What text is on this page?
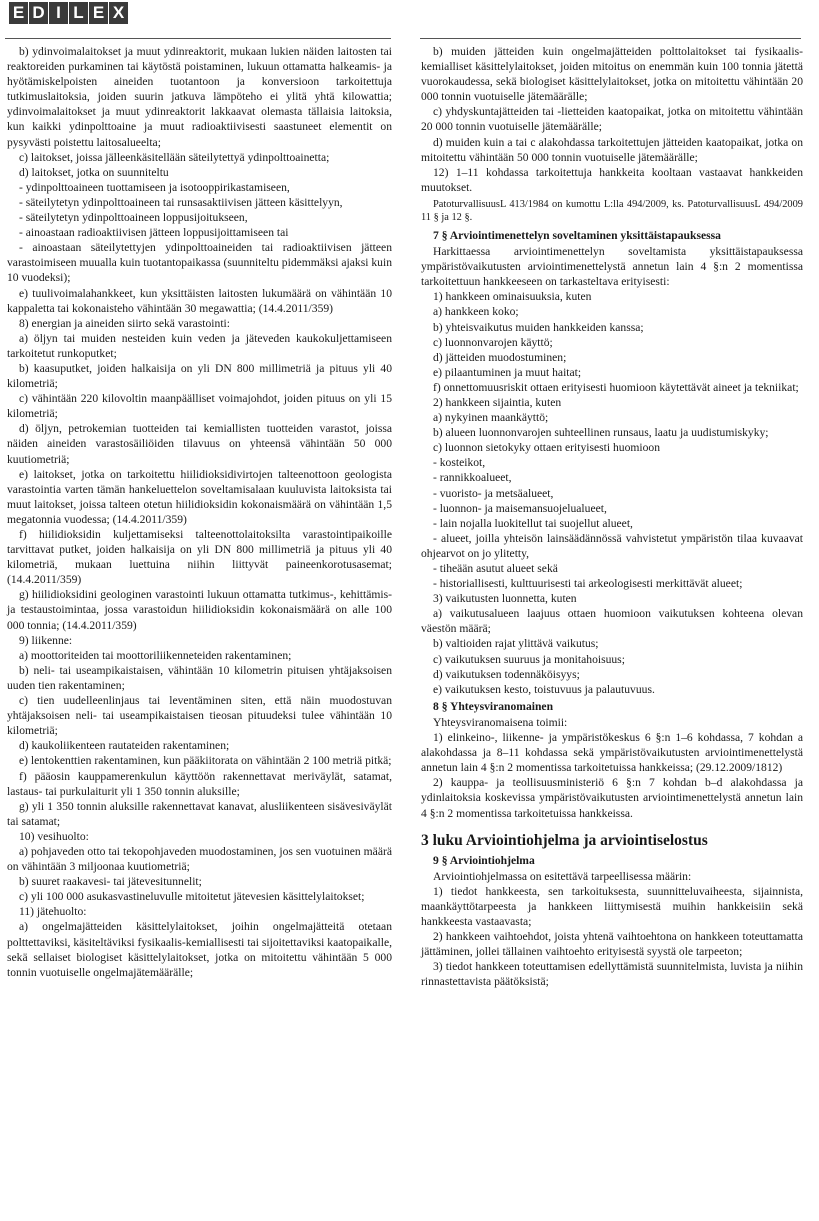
E D I L E X

b) ydinvoimalaitokset ja muut ydinreaktorit, mukaan lukien näiden laitosten tai reaktoreiden purkaminen tai käytöstä poistaminen, lukuun ottamatta halkeamis- ja hyötämiskelpoisten aineiden tuotantoon ja konversioon tarkoitettuja tutkimuslaitoksia, joiden suurin jatkuva lämpöteho ei ylitä yhtä kilowattia; ydinvoimalaitokset ja muut ydinreaktorit lakkaavat olemasta tällaisia laitoksia, kun kaikki ydinpolttoaine ja muut radioaktiivisesti saastuneet elementit on pysyvästi poistettu laitosalueelta;

c) laitokset, joissa jälleenkäsitellään säteilytettyä ydinpolttoainetta;

d) laitokset, jotka on suunniteltu

- ydinpolttoaineen tuottamiseen ja isotooppirikastamiseen,

- säteilytetyn ydinpolttoaineen tai runsasaktiivisen jätteen käsittelyyn,

- säteilytetyn ydinpolttoaineen loppusijoitukseen,

- ainoastaan radioaktiivisen jätteen loppusijoittamiseen tai

- ainoastaan säteilytettyjen ydinpolttoaineiden tai radioaktiivisen jätteen varastoimiseen muualla kuin tuotantopaikassa (suunniteltu pidemmäksi ajaksi kuin 10 vuodeksi);

e) tuulivoimalahankkeet, kun yksittäisten laitosten lukumäärä on vähintään 10 kappaletta tai kokonaisteho vähintään 30 megawattia; (14.4.2011/359)

8) energian ja aineiden siirto sekä varastointi:

a) öljyn tai muiden nesteiden kuin veden ja jäteveden kaukokuljettamiseen tarkoitetut runkoputket;

b) kaasuputket, joiden halkaisija on yli DN 800 millimetriä ja pituus yli 40 kilometriä;

c) vähintään 220 kilovoltin maanpäälliset voimajohdot, joiden pituus on yli 15 kilometriä;

d) öljyn, petrokemian tuotteiden tai kemiallisten tuotteiden varastot, joissa näiden aineiden varastosäiliöiden tilavuus on yhteensä vähintään 50 000 kuutiometriä;

e) laitokset, jotka on tarkoitettu hiilidioksidivirtojen talteenottoon geologista varastointia varten tämän hankeluettelon soveltamisalaan kuuluvista laitoksista tai muut laitokset, joissa talteen otetun hiilidioksidin kokonaismäärä on vähintään 1,5 megatonnia vuodessa; (14.4.2011/359)

f) hiilidioksidin kuljettamiseksi talteenottolaitoksilta varastointipaikoille tarvittavat putket, joiden halkaisija on yli DN 800 millimetriä ja pituus yli 40 kilometriä, mukaan luettuina niihin liittyvät paineenkorotusasemat; (14.4.2011/359)

g) hiilidioksidini geologinen varastointi lukuun ottamatta tutkimus-, kehittämis- ja testaustoimintaa, jossa varastoidun hiilidioksidin kokonaismäärä on alle 100 000 tonnia; (14.4.2011/359)

9) liikenne:

a) moottoriteiden tai moottoriliikenneteiden rakentaminen;

b) neli- tai useampikaistaisen, vähintään 10 kilometrin pituisen yhtäjaksoisen uuden tien rakentaminen;

c) tien uudelleenlinjaus tai leventäminen siten, että näin muodostuvan yhtäjaksoisen neli- tai useampikaistaisen tieosan pituudeksi tulee vähintään 10 kilometriä;

d) kaukoliikenteen rautateiden rakentaminen;

e) lentokenttien rakentaminen, kun pääkiitorata on vähintään 2 100 metriä pitkä;

f) pääosin kauppamerenkulun käyttöön rakennettavat meriväylät, satamat, lastaus- tai purkulaiturit yli 1 350 tonnin aluksille;

g) yli 1 350 tonnin aluksille rakennettavat kanavat, alusliikenteen sisävesiväylät tai satamat;

10) vesihuolto:

a) pohjaveden otto tai tekopohjaveden muodostaminen, jos sen vuotuinen määrä on vähintään 3 miljoonaa kuutiometriä;

b) suuret raakavesi- tai jätevesitunnelit;

c) yli 100 000 asukasvastineluvulle mitoitetut jätevesien käsittelylaitokset;

11) jätehuolto:

a) ongelmajätteiden käsittelylaitokset, joihin ongelmajätteitä otetaan polttettaviksi, käsiteltäviksi fysikaalis-kemiallisesti tai sijoitettaviksi kaatopaikalle, sekä sellaiset biologiset käsittelylaitokset, jotka on mitoitettu vähintään 5 000 tonnin vuotuiselle ongelmajätemäärälle;

b) muiden jätteiden kuin ongelmajätteiden polttolaitokset tai fysikaalis-kemialliset käsittelylaitokset, joiden mitoitus on enemmän kuin 100 tonnia jätettä vuorokaudessa, sekä biologiset käsittelylaitokset, jotka on mitoitettu vähintään 20 000 tonnin vuotuiselle jätemäärälle;

c) yhdyskuntajätteiden tai -lietteiden kaatopaikat, jotka on mitoitettu vähintään 20 000 tonnin vuotuiselle jätemäärälle;

d) muiden kuin a tai c alakohdassa tarkoitettujen jätteiden kaatopaikat, jotka on mitoitettu vähintään 50 000 tonnin vuotuiselle jätemäärälle;

12) 1–11 kohdassa tarkoitettuja hankkeita kooltaan vastaavat hankkeiden muutokset.

PatoturvallisuusL 413/1984 on kumottu L:lla 494/2009, ks. PatoturvallisuusL 494/2009 11 § ja 12 §.

7 § Arviointimenettelyn soveltaminen yksittäistapauksessa

Harkittaessa arviointimenettelyn soveltamista yksittäistapauksessa ympäristövaikutusten arviointimenettelystä annetun lain 4 §:n 2 momentissa tarkoitettuun hankkeeseen on tarkasteltava erityisesti:

1) hankkeen ominaisuuksia, kuten

a) hankkeen koko;

b) yhteisvaikutus muiden hankkeiden kanssa;

c) luonnonvarojen käyttö;

d) jätteiden muodostuminen;

e) pilaantuminen ja muut haitat;

f) onnettomuusriskit ottaen erityisesti huomioon käytettävät aineet ja tekniikat;

2) hankkeen sijaintia, kuten

a) nykyinen maankäyttö;

b) alueen luonnonvarojen suhteellinen runsaus, laatu ja uudistumiskyky;

c) luonnon sietokyky ottaen erityisesti huomioon

- kosteikot,

- rannikkoalueet,

- vuoristo- ja metsäalueet,

- luonnon- ja maisemansuojelualueet,

- lain nojalla luokitellut tai suojellut alueet,

- alueet, joilla yhteisön lainsäädännössä vahvistetut ympäristön tilaa kuvaavat ohjearvot on jo ylitetty,

- tiheään asutut alueet sekä

- historiallisesti, kulttuurisesti tai arkeologisesti merkittävät alueet;

3) vaikutusten luonnetta, kuten

a) vaikutusalueen laajuus ottaen huomioon vaikutuksen kohteena olevan väestön määrä;

b) valtioiden rajat ylittävä vaikutus;

c) vaikutuksen suuruus ja monitahoisuus;

d) vaikutuksen todennäköisyys;

e) vaikutuksen kesto, toistuvuus ja palautuvuus.

8 § Yhteysviranomainen

Yhteysviranomaisena toimii:

1) elinkeino-, liikenne- ja ympäristökeskus 6 §:n 1–6 kohdassa, 7 kohdan a alakohdassa ja 8–11 kohdassa sekä ympäristövaikutusten arviointimenettelystä annetun lain 4 §:n 2 momentissa tarkoitetuissa hankkeissa; (29.12.2009/1812)

2) kauppa- ja teollisuusministeriö 6 §:n 7 kohdan b–d alakohdassa ja ydinlaitoksia koskevissa ympäristövaikutusten arviointimenettelystä annetun lain 4 §:n 2 momentissa tarkoitetuissa hankkeissa.

3 luku Arviointiohjelma ja arviointiselostus

9 § Arviointiohjelma

Arviointiohjelmassa on esitettävä tarpeellisessa määrin:

1) tiedot hankkeesta, sen tarkoituksesta, suunnitteluvaiheesta, sijainnista, maankäyttötarpeesta ja hankkeen liittymisestä muihin hankkeisiin sekä hankkeesta vastaavasta;

2) hankkeen vaihtoehdot, joista yhtenä vaihtoehtona on hankkeen toteuttamatta jättäminen, jollei tällainen vaihtoehto erityisestä syystä ole tarpeeton;

3) tiedot hankkeen toteuttamisen edellyttämistä suunnitelmista, luvista ja niihin rinnastettavista päätöksistä;
